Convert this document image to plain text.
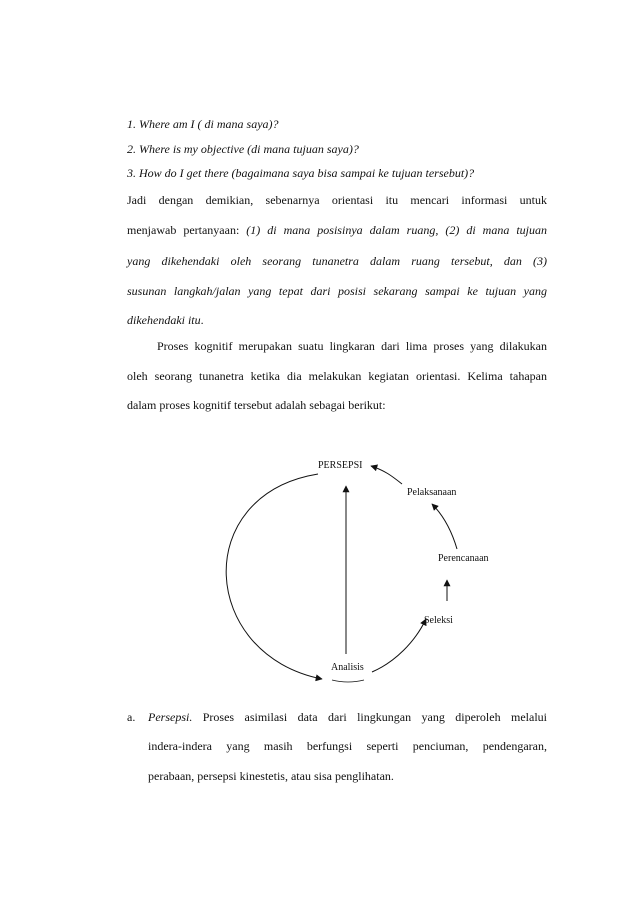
1. Where am I ( di mana saya)?
2. Where is my objective (di mana tujuan saya)?
3. How do I get there (bagaimana saya bisa sampai ke tujuan tersebut)?
Jadi dengan demikian, sebenarnya orientasi itu mencari informasi untuk
menjawab pertanyaan: (1) di mana posisinya dalam ruang, (2) di mana tujuan
yang dikehendaki oleh seorang tunanetra dalam ruang tersebut, dan (3)
susunan langkah/jalan yang tepat dari posisi sekarang sampai ke tujuan yang
dikehendaki itu.
Proses kognitif merupakan suatu lingkaran dari lima proses yang dilakukan
oleh seorang tunanetra ketika dia melakukan kegiatan orientasi. Kelima tahapan
dalam proses kognitif tersebut adalah sebagai berikut:
PERSEPSI
Pelaksanaan
Perencanaan
Seleksi
Analisis
a. Persepsi. Proses asimilasi data dari lingkungan yang diperoleh melalui
indera-indera yang masih berfungsi seperti penciuman, pendengaran,
perabaan, persepsi kinestetis, atau sisa penglihatan.
